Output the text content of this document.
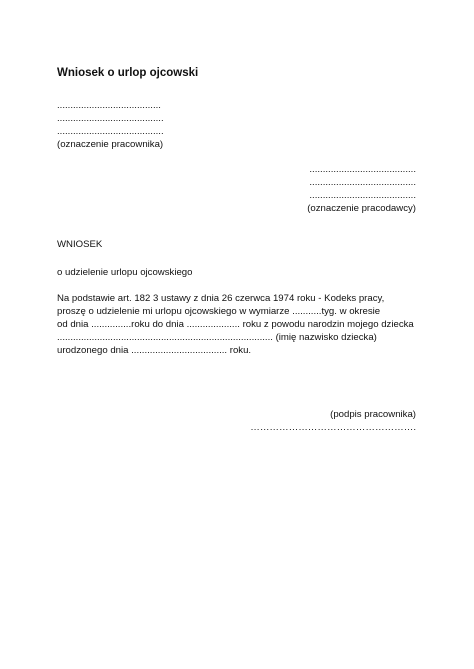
Wniosek o urlop ojcowski
.......................................
........................................
........................................
(oznaczenie pracownika)
........................................
........................................
........................................
(oznaczenie pracodawcy)
WNIOSEK
o udzielenie urlopu ojcowskiego
Na podstawie art. 182 3 ustawy z dnia 26 czerwca 1974 roku - Kodeks pracy,
proszę o udzielenie mi urlopu ojcowskiego w wymiarze ...........tyg. w okresie
od dnia ...............roku do dnia .................... roku z powodu narodzin mojego dziecka
................................................................................. (imię nazwisko dziecka)
urodzonego dnia .................................... roku.
(podpis pracownika)
…………………………………………….
